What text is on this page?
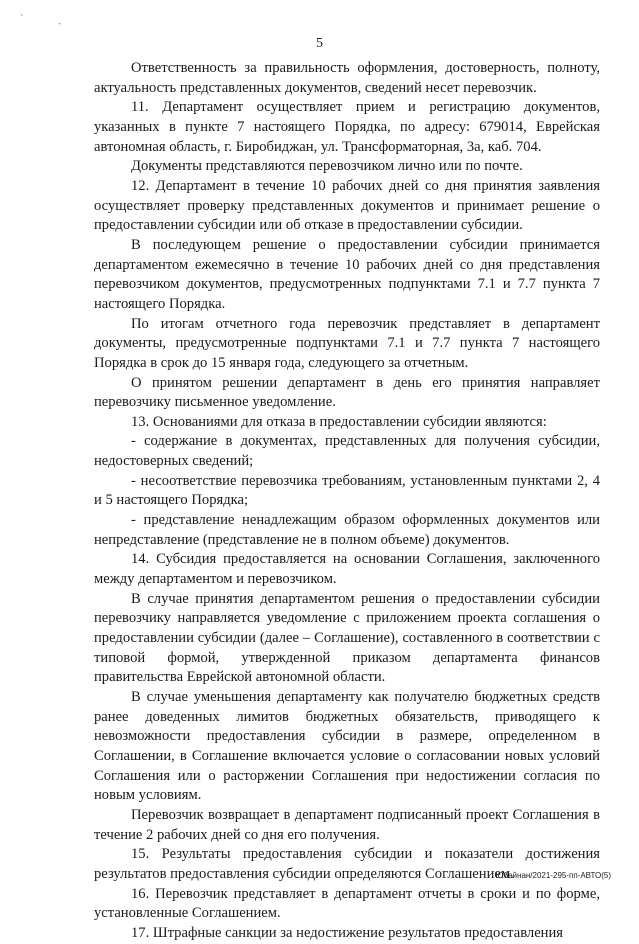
ˋ	ˏ
5

Ответственность за правильность оформления, достоверность, полноту, актуальность представленных документов, сведений несет перевозчик.

11. Департамент осуществляет прием и регистрацию документов, указанных в пункте 7 настоящего Порядка, по адресу: 679014, Еврейская автономная область, г. Биробиджан, ул. Трансформаторная, 3а, каб. 704.

Документы представляются перевозчиком лично или по почте.

12. Департамент в течение 10 рабочих дней со дня принятия заявления осуществляет проверку представленных документов и принимает решение о предоставлении субсидии или об отказе в предоставлении субсидии.

В последующем решение о предоставлении субсидии принимается департаментом ежемесячно в течение 10 рабочих дней со дня представления перевозчиком документов, предусмотренных подпунктами 7.1 и 7.7 пункта 7 настоящего Порядка.

По итогам отчетного года перевозчик представляет в департамент документы, предусмотренные подпунктами 7.1 и 7.7 пункта 7 настоящего Порядка в срок до 15 января года, следующего за отчетным.

О принятом решении департамент в день его принятия направляет перевозчику письменное уведомление.

13. Основаниями для отказа в предоставлении субсидии являются:

- содержание в документах, представленных для получения субсидии, недостоверных сведений;

- несоответствие перевозчика требованиям, установленным пунктами 2, 4 и 5 настоящего Порядка;

- представление ненадлежащим образом оформленных документов или непредставление (представление не в полном объеме) документов.

14. Субсидия предоставляется на основании Соглашения, заключенного между департаментом и перевозчиком.

В случае принятия департаментом решения о предоставлении субсидии перевозчику направляется уведомление с приложением проекта соглашения о предоставлении субсидии (далее – Соглашение), составленного в соответствии с типовой формой, утвержденной приказом департамента финансов правительства Еврейской автономной области.

В случае уменьшения департаменту как получателю бюджетных средств ранее доведенных лимитов бюджетных обязательств, приводящего к невозможности предоставления субсидии в размере, определенном в Соглашении, в Соглашение включается условие о согласовании новых условий Соглашения или о расторжении Соглашения при недостижении согласия по новым условиям.

Перевозчик возвращает в департамент подписанный проект Соглашения в течение 2 рабочих дней со дня его получения.

15. Результаты предоставления субсидии и показатели достижения результатов предоставления субсидии определяются Соглашением.

16. Перевозчик представляет в департамент отчеты в сроки и по форме, установленные Соглашением.

17. Штрафные санкции за недостижение результатов предоставления

Юбейнан/2021-295-пп-АВТО(5)
